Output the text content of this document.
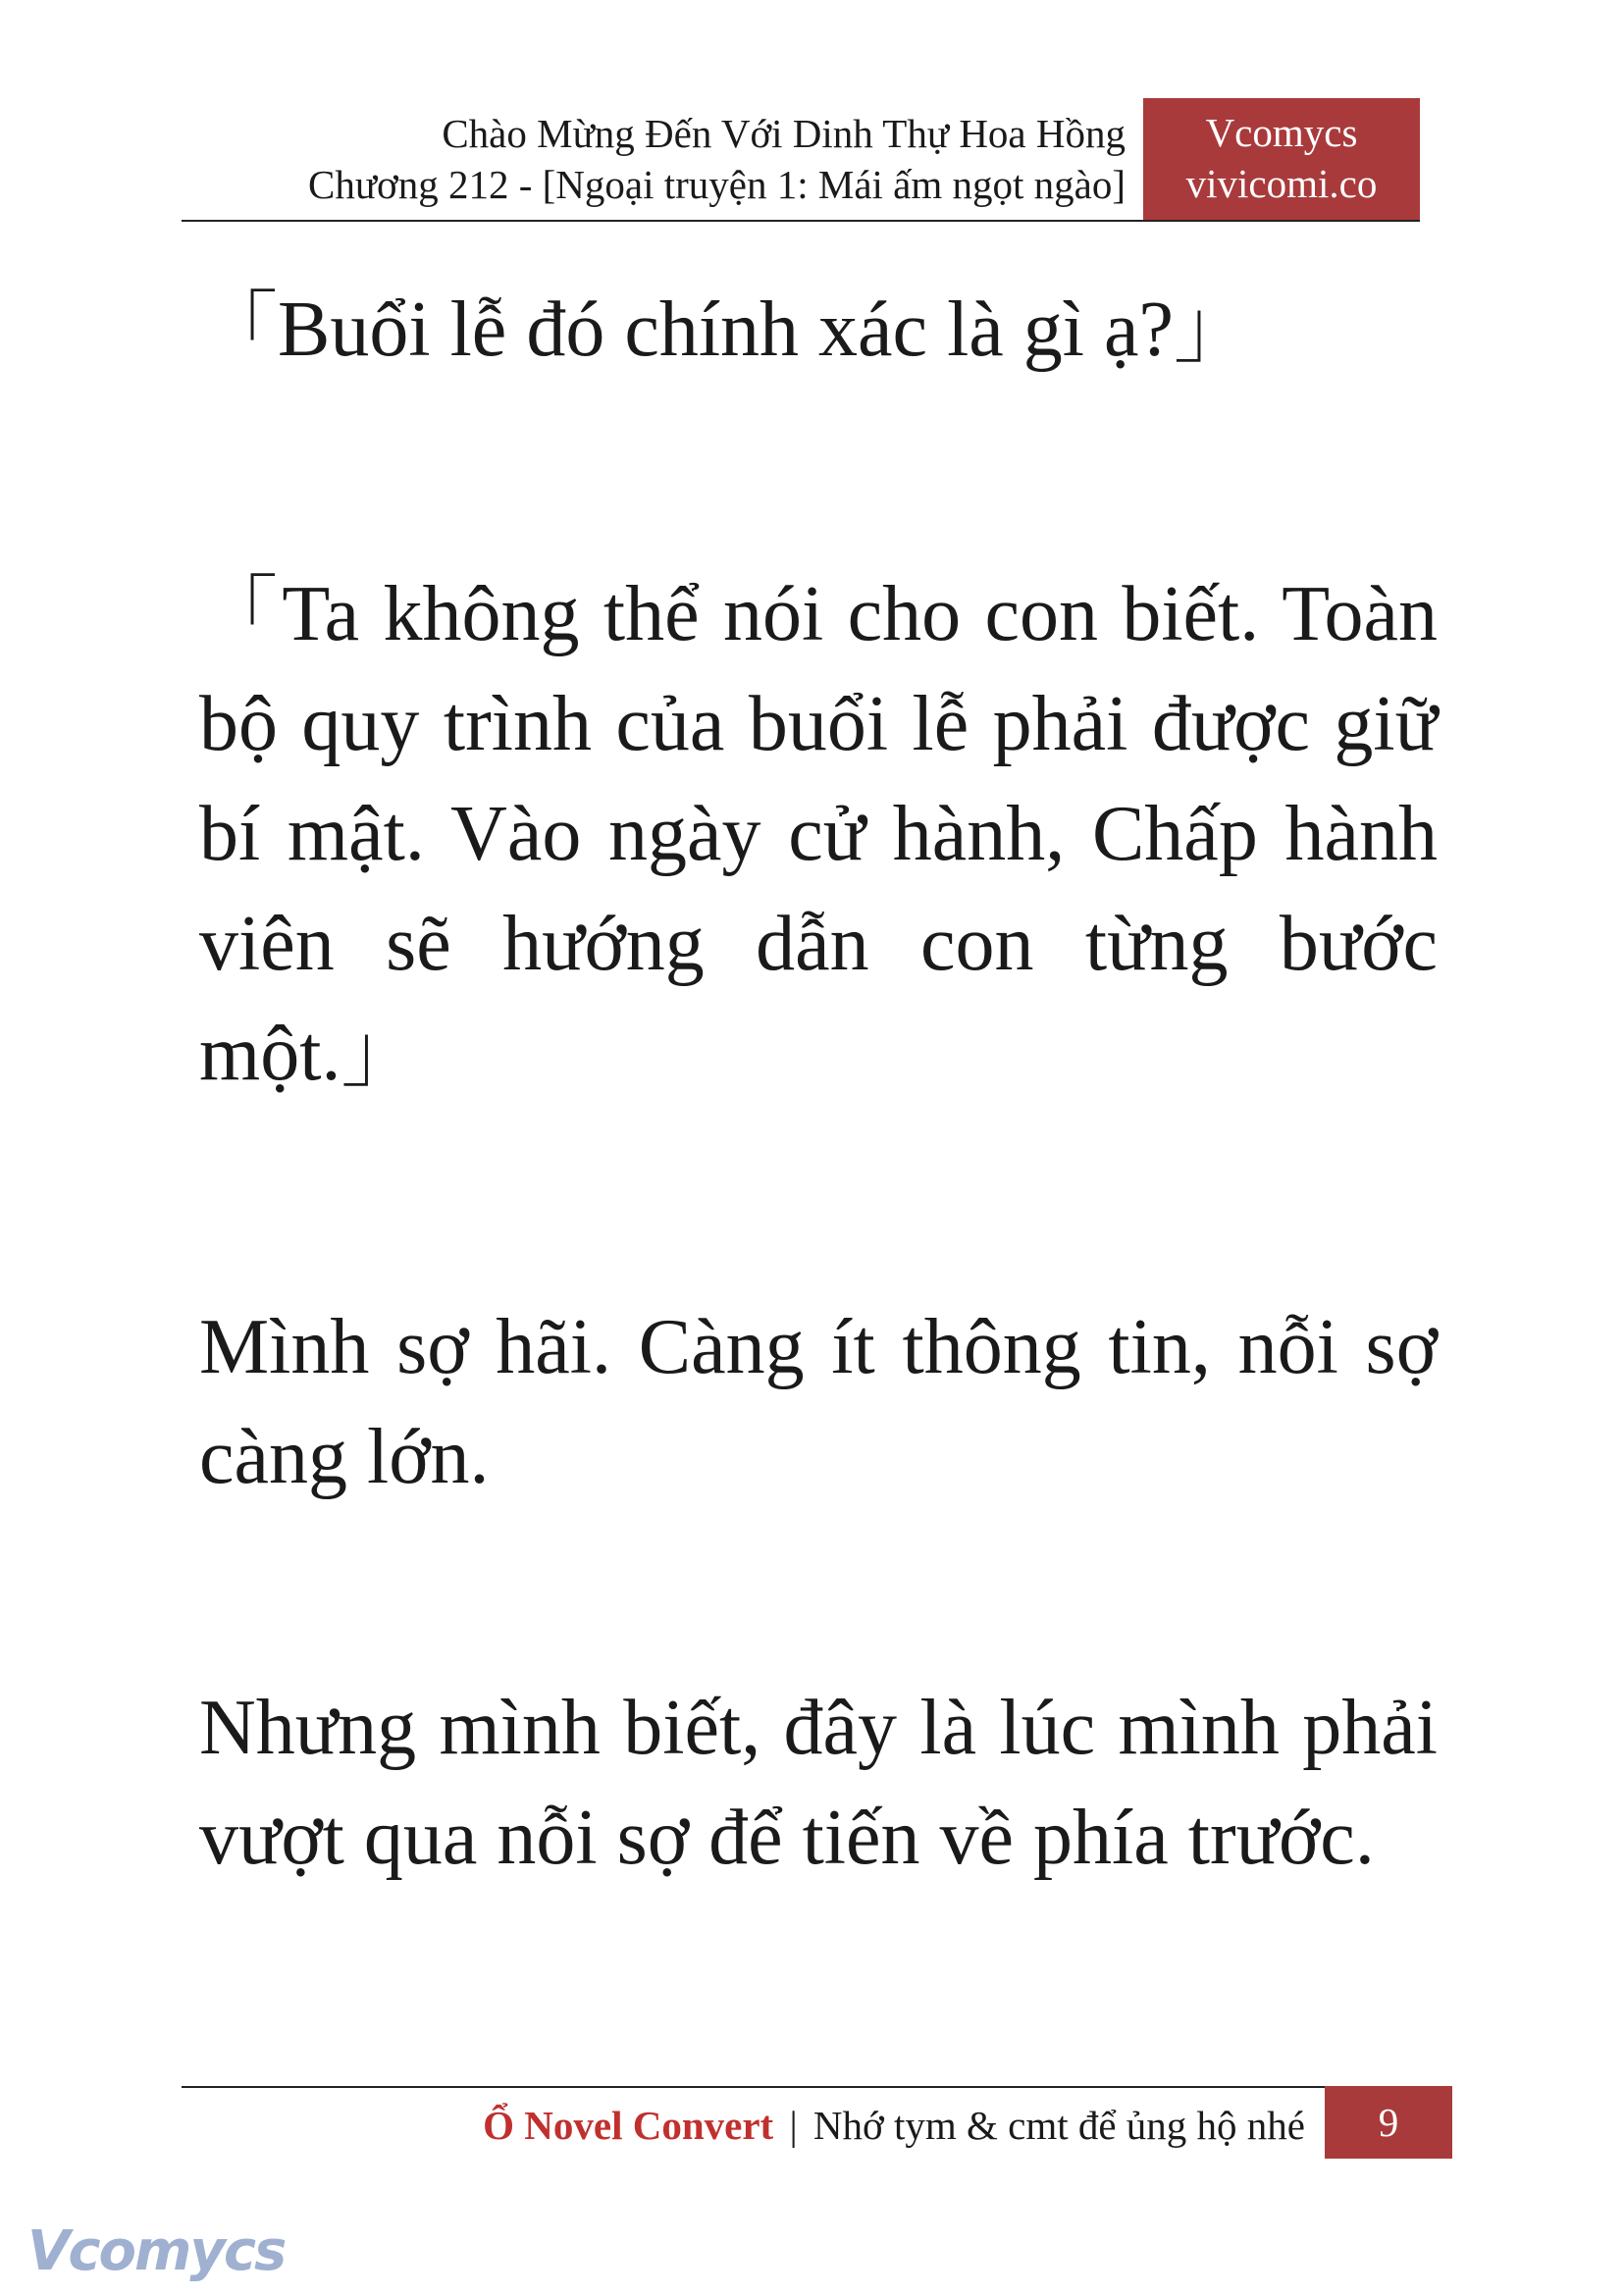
Chào Mừng Đến Với Dinh Thự Hoa Hồng
Chương 212 - [Ngoại truyện 1: Mái ấm ngọt ngào]
Vcomycs
vivicomi.co

「Buổi lễ đó chính xác là gì ạ?」

「Ta không thể nói cho con biết. Toàn bộ quy trình của buổi lễ phải được giữ bí mật. Vào ngày cử hành, Chấp hành viên sẽ hướng dẫn con từng bước một.」

Mình sợ hãi. Càng ít thông tin, nỗi sợ càng lớn.

Nhưng mình biết, đây là lúc mình phải vượt qua nỗi sợ để tiến về phía trước.

Ổ Novel Convert | Nhớ tym & cmt để ủng hộ nhé	9
Vcomycs
